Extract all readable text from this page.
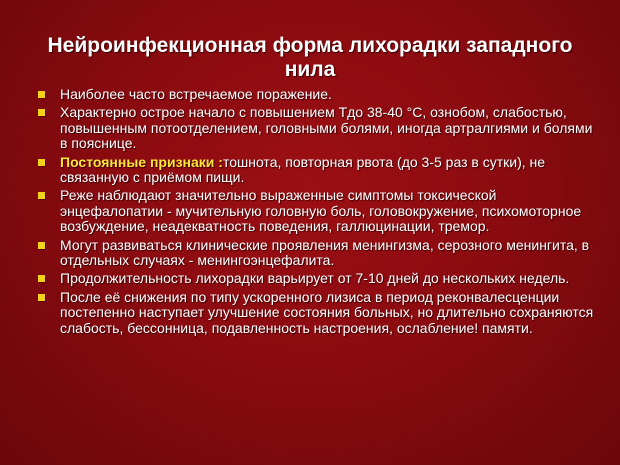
Нейроинфекционная форма лихорадки западного нила
Наиболее часто встречаемое поражение.
Характерно острое начало с повышением Тдо 38-40 °С, ознобом, слабостью, повышенным потоотделением, головными болями, иногда артралгиями и болями в пояснице.
Постоянные признаки :тошнота, повторная рвота (до 3-5 раз в сутки), не связанную с приёмом пищи.
Реже наблюдают значительно выраженные симптомы токсической энцефалопатии - мучительную головную боль, головокружение, психомоторное возбуждение, неадекватность поведения, галлюцинации, тремор.
Могут развиваться клинические проявления менингизма, серозного менингита, в отдельных случаях - менингоэнцефалита.
Продолжительность лихорадки варьирует от 7-10 дней до нескольких недель.
После её снижения по типу ускоренного лизиса в период реконвалесценции постепенно наступает улучшение состояния больных, но длительно сохраняются слабость, бессонница, подавленность настроения, ослабление! памяти.
